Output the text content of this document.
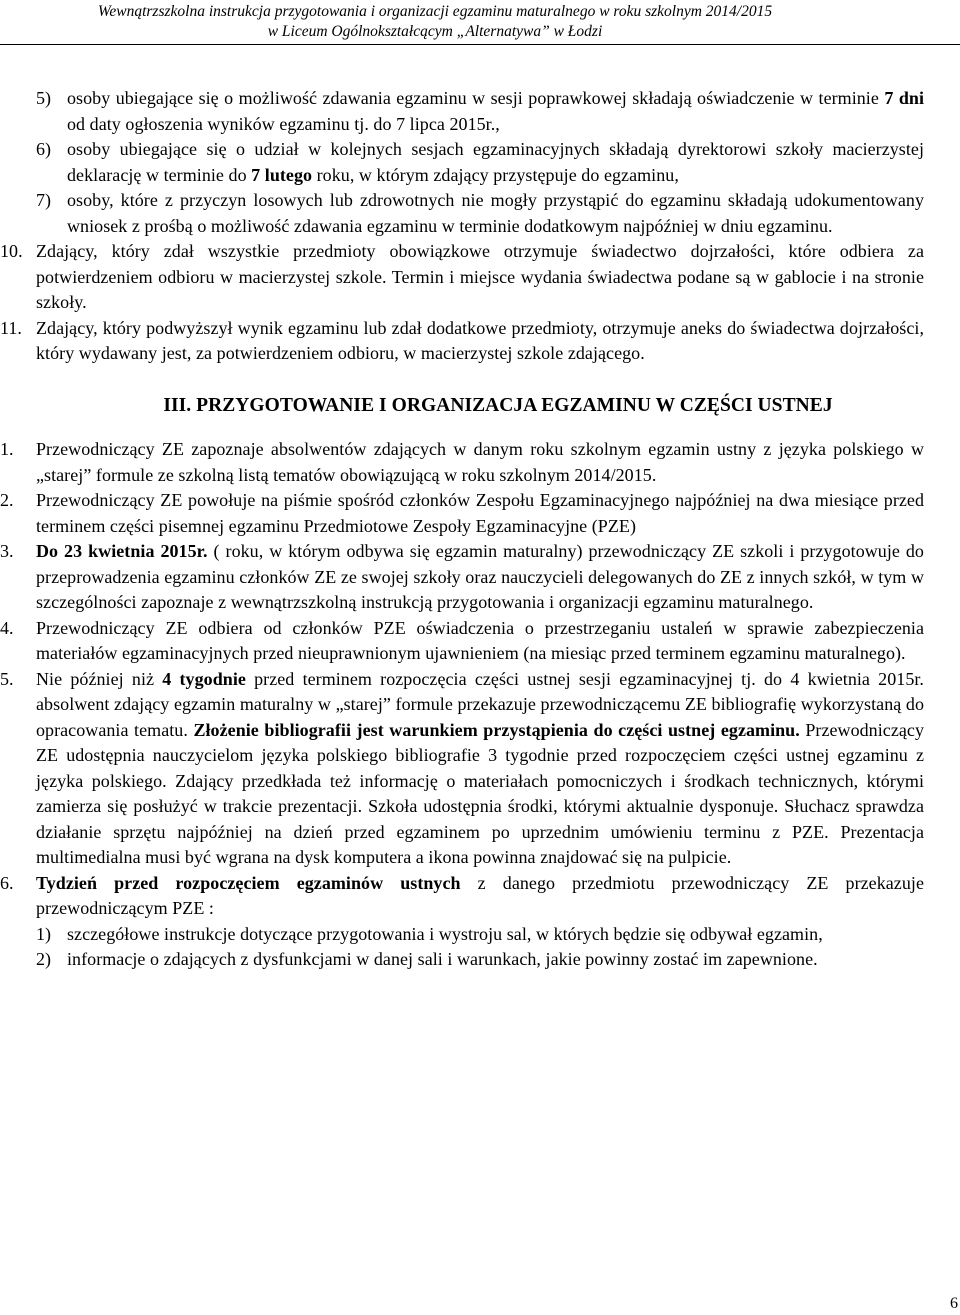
Wewnątrzszkolna instrukcja przygotowania i organizacji egzaminu maturalnego w roku szkolnym 2014/2015
w Liceum Ogólnokształcącym „Alternatywa” w Łodzi
5) osoby ubiegające się o możliwość zdawania egzaminu w sesji poprawkowej składają oświadczenie w terminie 7 dni od daty ogłoszenia wyników egzaminu tj. do 7 lipca 2015r.,
6) osoby ubiegające się o udział w kolejnych sesjach egzaminacyjnych składają dyrektorowi szkoły macierzystej deklarację w terminie do 7 lutego roku, w którym zdający przystępuje do egzaminu,
7) osoby, które z przyczyn losowych lub zdrowotnych nie mogły przystąpić do egzaminu składają udokumentowany wniosek z prośbą o możliwość zdawania egzaminu w terminie dodatkowym najpóźniej w dniu egzaminu.
10. Zdający, który zdał wszystkie przedmioty obowiązkowe otrzymuje świadectwo dojrzałości, które odbiera za potwierdzeniem odbioru w macierzystej szkole. Termin i miejsce wydania świadectwa podane są w gablocie i na stronie szkoły.
11. Zdający, który podwyższył wynik egzaminu lub zdał dodatkowe przedmioty, otrzymuje aneks do świadectwa dojrzałości, który wydawany jest, za potwierdzeniem odbioru, w macierzystej szkole zdającego.
III. PRZYGOTOWANIE I ORGANIZACJA EGZAMINU W CZĘŚCI USTNEJ
1. Przewodniczący ZE zapoznaje absolwentów zdających w danym roku szkolnym egzamin ustny z języka polskiego w „starej” formule ze szkolną listą tematów obowiązującą w roku szkolnym 2014/2015.
2. Przewodniczący ZE powołuje na piśmie spośród członków Zespołu Egzaminacyjnego najpóźniej na dwa miesiące przed terminem części pisemnej egzaminu Przedmiotowe Zespoły Egzaminacyjne (PZE)
3. Do 23 kwietnia 2015r. ( roku, w którym odbywa się egzamin maturalny) przewodniczący ZE szkoli i przygotowuje do przeprowadzenia egzaminu członków ZE ze swojej szkoły oraz nauczycieli delegowanych do ZE z innych szkół, w tym w szczególności zapoznaje z wewnątrzszkolną instrukcją przygotowania i organizacji egzaminu maturalnego.
4. Przewodniczący ZE odbiera od członków PZE oświadczenia o przestrzeganiu ustaleń w sprawie zabezpieczenia materiałów egzaminacyjnych przed nieuprawnionym ujawnieniem (na miesiąc przed terminem egzaminu maturalnego).
5. Nie później niż 4 tygodnie przed terminem rozpoczęcia części ustnej sesji egzaminacyjnej tj. do 4 kwietnia 2015r. absolwent zdający egzamin maturalny w „starej” formule przekazuje przewodniczącemu ZE bibliografię wykorzystaną do opracowania tematu. Złożenie bibliografii jest warunkiem przystąpienia do części ustnej egzaminu. Przewodniczący ZE udostępnia nauczycielom języka polskiego bibliografie 3 tygodnie przed rozpoczęciem części ustnej egzaminu z języka polskiego. Zdający przedkłada też informację o materiałach pomocniczych i środkach technicznych, którymi zamierza się posłużyć w trakcie prezentacji. Szkoła udostępnia środki, którymi aktualnie dysponuje. Słuchacz sprawdza działanie sprzętu najpóźniej na dzień przed egzaminem po uprzednim umówieniu terminu z PZE. Prezentacja multimedialna musi być wgrana na dysk komputera a ikona powinna znajdować się na pulpicie.
6. Tydzień przed rozpoczęciem egzaminów ustnych z danego przedmiotu przewodniczący ZE przekazuje przewodniczącym PZE :
1) szczegółowe instrukcje dotyczące przygotowania i wystroju sal, w których będzie się odbywał egzamin,
2) informacje o zdających z dysfunkcjami w danej sali i warunkach, jakie powinny zostać im zapewnione.
6
